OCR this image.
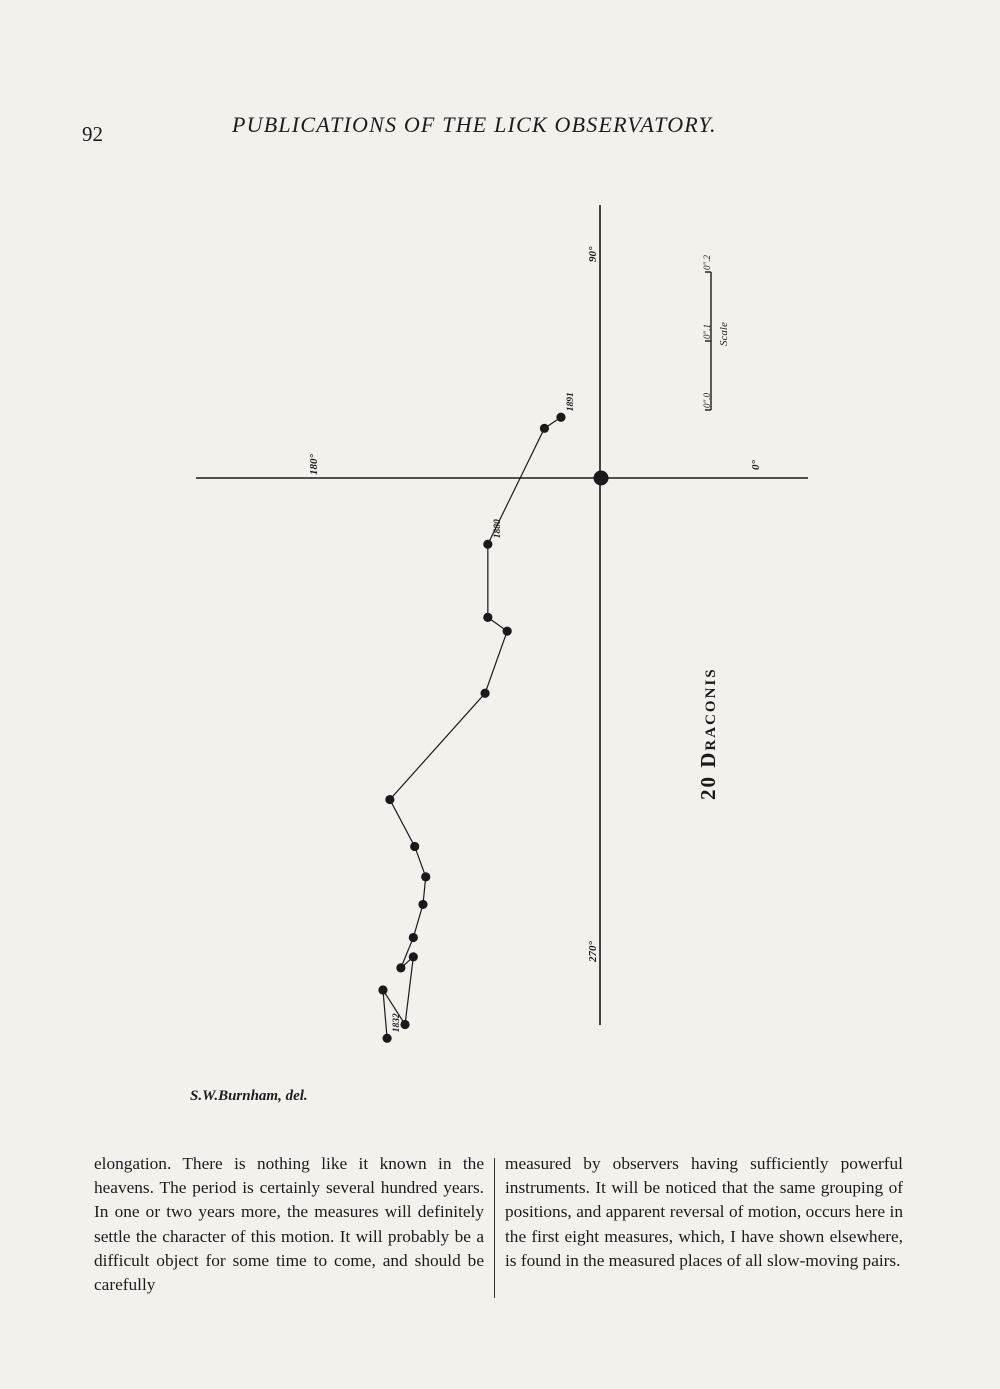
92	PUBLICATIONS OF THE LICK OBSERVATORY.
90°
180°	0°
270°
0".0
0".1
0".2
Scale
20 Draconis
1891
1880
1832
S.W.Burnham, del.

elongation. There is nothing like it known in the heavens. The period is certainly several hundred years. In one or two years more, the measures will definitely settle the character of this motion. It will probably be a difficult object for some time to come, and should be carefully

measured by observers having sufficiently powerful instruments. It will be noticed that the same grouping of positions, and apparent reversal of motion, occurs here in the first eight measures, which, I have shown elsewhere, is found in the measured places of all slow-moving pairs.
